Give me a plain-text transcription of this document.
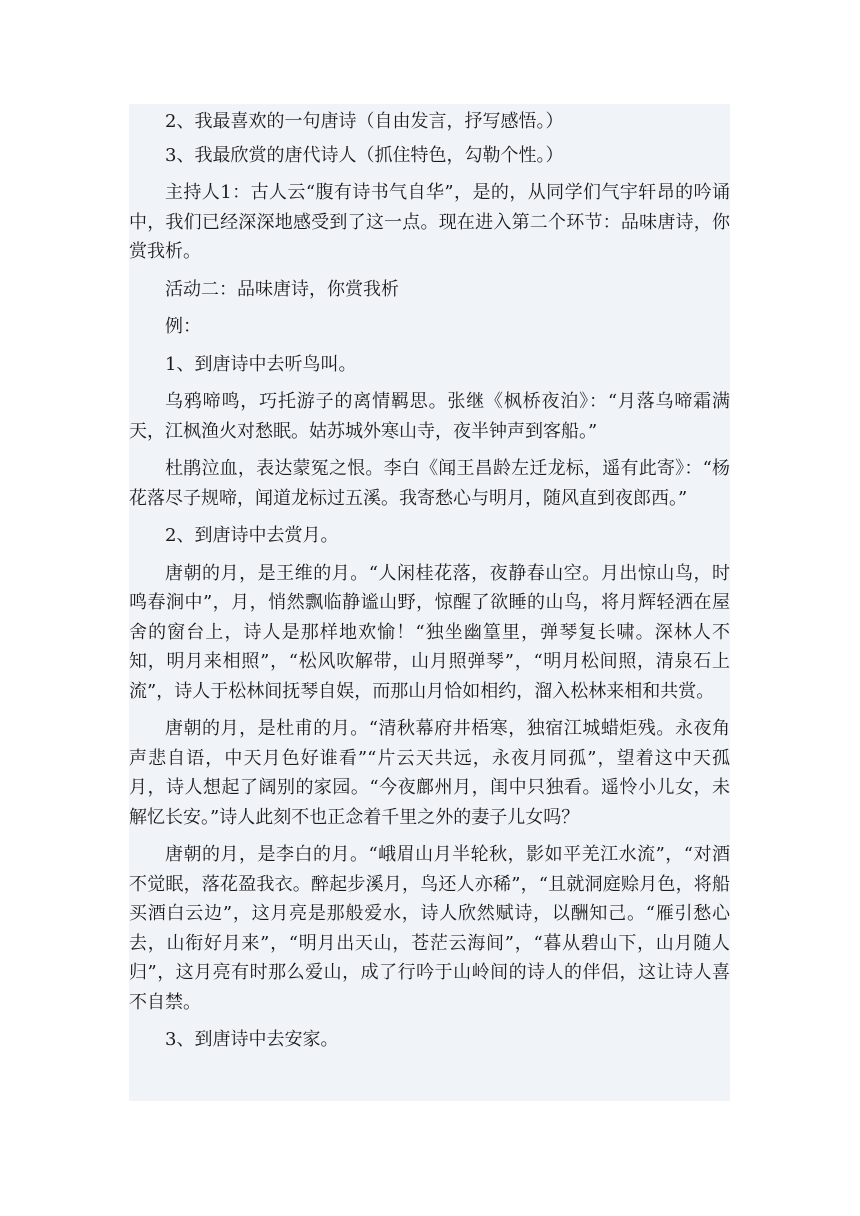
2、我最喜欢的一句唐诗（自由发言，抒写感悟。）

3、我最欣赏的唐代诗人（抓住特色，勾勒个性。）

主持人1：古人云“腹有诗书气自华”，是的，从同学们气宇轩昂的吟诵中，我们已经深深地感受到了这一点。现在进入第二个环节：品味唐诗，你赏我析。

活动二：品味唐诗，你赏我析

例：

1、到唐诗中去听鸟叫。

乌鸦啼鸣，巧托游子的离情羁思。张继《枫桥夜泊》：“月落乌啼霜满天，江枫渔火对愁眠。姑苏城外寒山寺，夜半钟声到客船。”

杜鹃泣血，表达蒙冤之恨。李白《闻王昌龄左迁龙标，遥有此寄》：“杨花落尽子规啼，闻道龙标过五溪。我寄愁心与明月，随风直到夜郎西。”

2、到唐诗中去赏月。

唐朝的月，是王维的月。“人闲桂花落，夜静春山空。月出惊山鸟，时鸣春涧中”，月，悄然飘临静谧山野，惊醒了欲睡的山鸟，将月辉轻洒在屋舍的窗台上，诗人是那样地欢愉！“独坐幽篁里，弹琴复长啸。深林人不知，明月来相照”，“松风吹解带，山月照弹琴”，“明月松间照，清泉石上流”，诗人于松林间抚琴自娱，而那山月恰如相约，溜入松林来相和共赏。

唐朝的月，是杜甫的月。“清秋幕府井梧寒，独宿江城蜡炬残。永夜角声悲自语，中天月色好谁看”“片云天共远，永夜月同孤”，望着这中天孤月，诗人想起了阔别的家园。“今夜鄜州月，闺中只独看。遥怜小儿女，未解忆长安。”诗人此刻不也正念着千里之外的妻子儿女吗？

唐朝的月，是李白的月。“峨眉山月半轮秋，影如平羌江水流”，“对酒不觉眠，落花盈我衣。醉起步溪月，鸟还人亦稀”，“且就洞庭赊月色，将船买酒白云边”，这月亮是那般爱水，诗人欣然赋诗，以酬知己。“雁引愁心去，山衔好月来”，“明月出天山，苍茫云海间”，“暮从碧山下，山月随人归”，这月亮有时那么爱山，成了行吟于山岭间的诗人的伴侣，这让诗人喜不自禁。

3、到唐诗中去安家。
